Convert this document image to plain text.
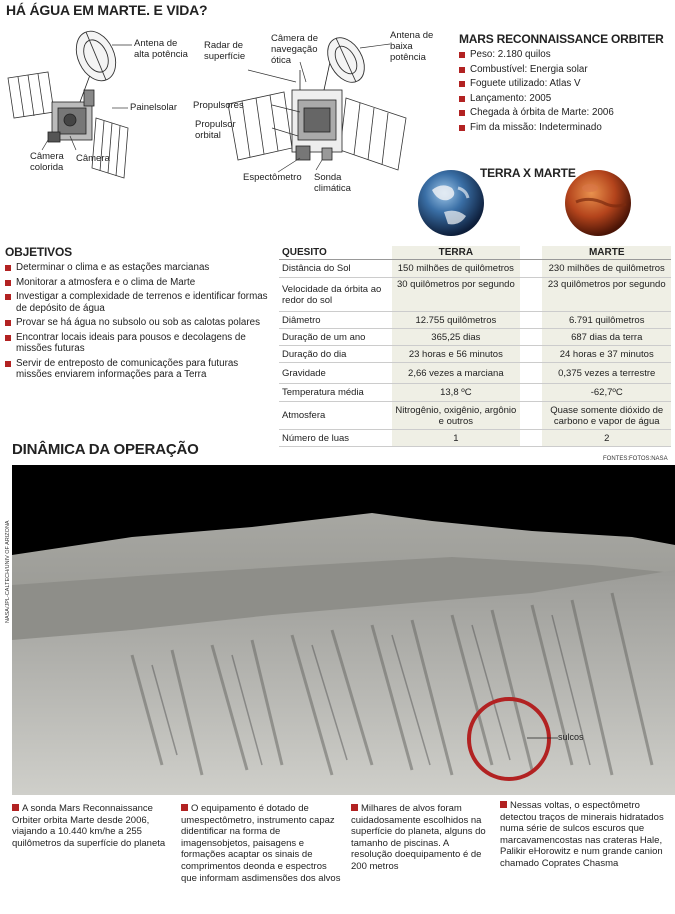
HÁ ÁGUA EM MARTE. E VIDA?
Antena de
alta potência
Painelsolar
Câmera
colorida
Câmera
Radar de
superfície
Câmera de
navegação
ótica
Antena de
baixa
potência
Propulsores
Propulsor
orbital
Espectômetro Sonda
climática
MARS RECONNAISSANCE ORBITER
Peso: 2.180 quilos
Combustível: Energia solar
Foguete utilizado: Atlas V
Lançamento: 2005
Chegada à órbita de Marte: 2006
Fim da missão: Indeterminado
TERRA X MARTE
OBJETIVOS
Determinar o clima e as estações marcianas
Monitorar a atmosfera e o clima de Marte
Investigar a complexidade de terrenos e identificar formas de depósito de água
Provar se há água no subsolo ou sob as calotas polares
Encontrar locais ideais para pousos e decolagens de missões futuras
Servir de entreposto de comunicações para futuras missões enviarem informações para a Terra
QUESITO	TERRA		MARTE
Distância do Sol	150 milhões de quilômetros		230 milhões de quilômetros
Velocidade da órbita ao redor do sol	30 quilômetros por segundo		23 quilômetros por segundo
Diâmetro	12.755 quilômetros		6.791 quilômetros
Duração de um ano	365,25 dias		687 dias da terra
Duração do dia	23 horas e 56 minutos		24 horas e 37 minutos
Gravidade	2,66 vezes a marciana		0,375 vezes a terrestre
Temperatura média	13,8 ºC		-62,7ºC
Atmosfera	Nitrogênio, oxigênio, argônio e outros		Quase somente dióxido de carbono e vapor de água
Número de luas	1		2
FONTES:FOTOS:NASA
DINÂMICA DA OPERAÇÃO
sulcos
NASA/JPL-CALTECH/UNIV OF ARIZONA
A sonda Mars Reconnaissance Orbiter orbita Marte desde 2006, viajando a 10.440 km/he a 255 quilômetros da superfície do planeta
O equipamento é dotado de umespectômetro, instrumento capaz didentificar na forma de imagensobjetos, paisagens e formações acaptar os sinais de comprimentos deonda e espectros que informam asdimensões dos alvos
Milhares de alvos foram cuidadosamente escolhidos na superfície do planeta, alguns do tamanho de piscinas. A resolução doequipamento é de 200 metros
Nessas voltas, o espectômetro detectou traços de minerais hidratados numa série de sulcos escuros que marcavamencostas nas crateras Hale, Palikir eHorowitz e num grande canion chamado Coprates Chasma
